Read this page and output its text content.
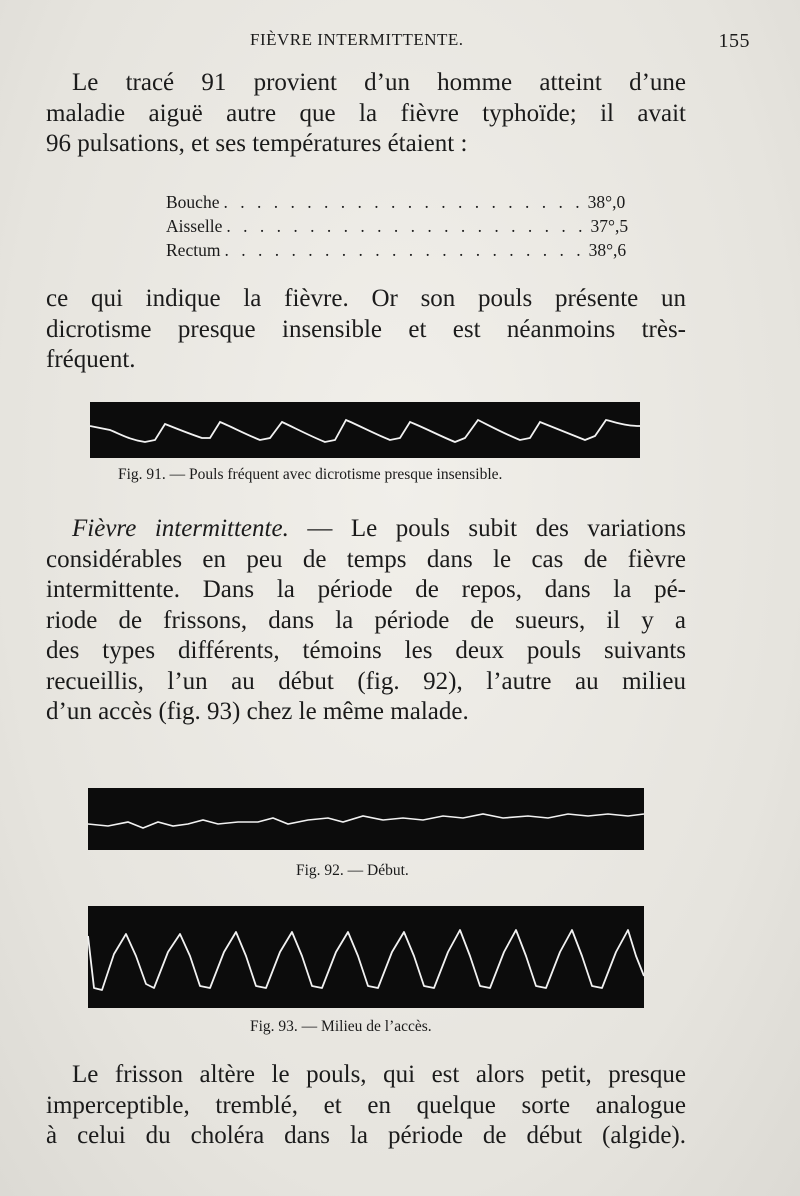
FIÈVRE INTERMITTENTE.	155
Le tracé 91 provient d’un homme atteint d’une
maladie aiguë autre que la fièvre typhoïde; il avait
96 pulsations, et ses températures étaient :
Bouche . . . . . . . . . . . . . . . . . . . . . . 38°,0
Aisselle . . . . . . . . . . . . . . . . . . . . . . 37°,5
Rectum . . . . . . . . . . . . . . . . . . . . . . 38°,6
ce qui indique la fièvre. Or son pouls présente un
dicrotisme presque insensible et est néanmoins très-
fréquent.
Fig. 91. — Pouls fréquent avec dicrotisme presque insensible.
Fièvre intermittente. — Le pouls subit des variations
considérables en peu de temps dans le cas de fièvre
intermittente. Dans la période de repos, dans la pé-
riode de frissons, dans la période de sueurs, il y a
des types différents, témoins les deux pouls suivants
recueillis, l’un au début (fig. 92), l’autre au milieu
d’un accès (fig. 93) chez le même malade.
Fig. 92. — Début.
Fig. 93. — Milieu de l’accès.
Le frisson altère le pouls, qui est alors petit, presque
imperceptible, tremblé, et en quelque sorte analogue
à celui du choléra dans la période de début (algide).
